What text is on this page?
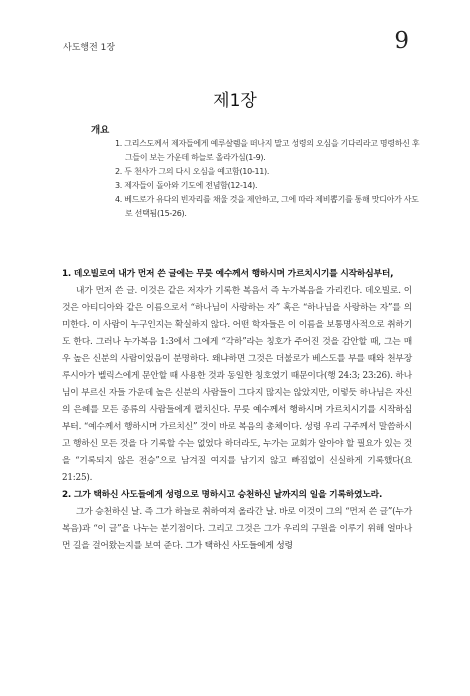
사도행전 1장	9
제1장
개요
1. 그리스도께서 제자들에게 예루살렘을 떠나지 말고 성령의 오심을 기다리라고 명령하신 후 그들이 보는 가운데 하늘로 올라가심(1-9).
2. 두 천사가 그의 다시 오심을 예고함(10-11).
3. 제자들이 돌아와 기도에 전념함(12-14).
4. 베드로가 유다의 빈자리를 채울 것을 제안하고, 그에 따라 제비뽑기를 통해 맛디아가 사도로 선택됨(15-26).

1. 데오빌로여 내가 먼저 쓴 글에는 무릇 예수께서 행하시며 가르치시기를 시작하심부터,

내가 먼저 쓴 글. 이것은 같은 저자가 기록한 복음서 즉 누가복음을 가리킨다. 데오빌로. 이것은 아티디아와 같은 이름으로서 “하나님이 사랑하는 자” 혹은 “하나님을 사랑하는 자”를 의미한다. 이 사람이 누구인지는 확실하지 않다. 어떤 학자들은 이 이름을 보통명사적으로 취하기도 한다. 그러나 누가복음 1:3에서 그에게 “각하”라는 칭호가 주어진 것을 감안할 때, 그는 매우 높은 신분의 사람이었음이 분명하다. 왜냐하면 그것은 더불로가 베스도를 부를 때와 천부장 루시아가 벨릭스에게 문안할 때 사용한 것과 동일한 칭호였기 때문이다(행 24:3; 23:26). 하나님이 부르신 자들 가운데 높은 신분의 사람들이 그다지 많지는 않았지만, 이렇듯 하나님은 자신의 은혜를 모든 종류의 사람들에게 펼치신다. 무릇 예수께서 행하시며 가르치시기를 시작하심부터. “예수께서 행하시며 가르치신” 것이 바로 복음의 총체이다. 성령 우리 구주께서 말씀하시고 행하신 모든 것을 다 기록할 수는 없었다 하더라도, 누가는 교회가 알아야 할 필요가 있는 것을 “기록되지 않은 전승”으로 남겨질 여지를 남기지 않고 빠짐없이 신실하게 기록했다(요 21:25).

2. 그가 택하신 사도들에게 성령으로 명하시고 승천하신 날까지의 일을 기록하였노라.

그가 승천하신 날. 즉 그가 하늘로 취하여져 올라간 날. 바로 이것이 그의 “먼저 쓴 글”(누가복음)과 “이 글”을 나누는 분기점이다. 그리고 그것은 그가 우리의 구원을 이루기 위해 얼마나 먼 길을 걸어왔는지를 보여 준다. 그가 택하신 사도들에게 성령
